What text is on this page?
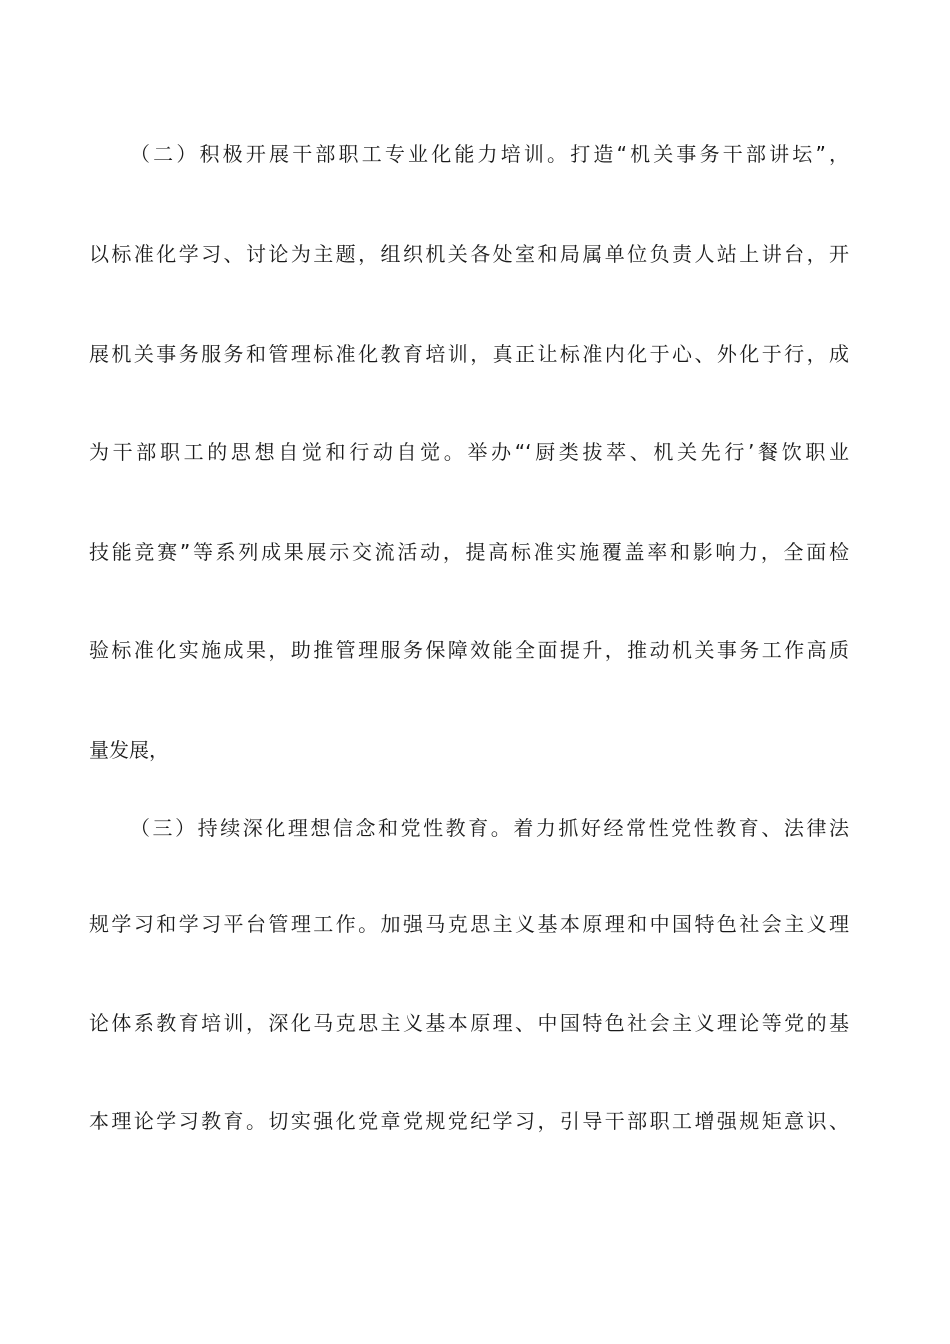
（二）积极开展干部职工专业化能力培训。打造“机关事务干部讲坛”，
以标准化学习、讨论为主题，组织机关各处室和局属单位负责人站上讲台，开
展机关事务服务和管理标准化教育培训，真正让标准内化于心、外化于行，成
为干部职工的思想自觉和行动自觉。举办“‘厨类拔萃、机关先行’餐饮职业
技能竞赛”等系列成果展示交流活动，提高标准实施覆盖率和影响力，全面检
验标准化实施成果，助推管理服务保障效能全面提升，推动机关事务工作高质
量发展，
（三）持续深化理想信念和党性教育。着力抓好经常性党性教育、法律法
规学习和学习平台管理工作。加强马克思主义基本原理和中国特色社会主义理
论体系教育培训，深化马克思主义基本原理、中国特色社会主义理论等党的基
本理论学习教育。切实强化党章党规党纪学习，引导干部职工增强规矩意识、
